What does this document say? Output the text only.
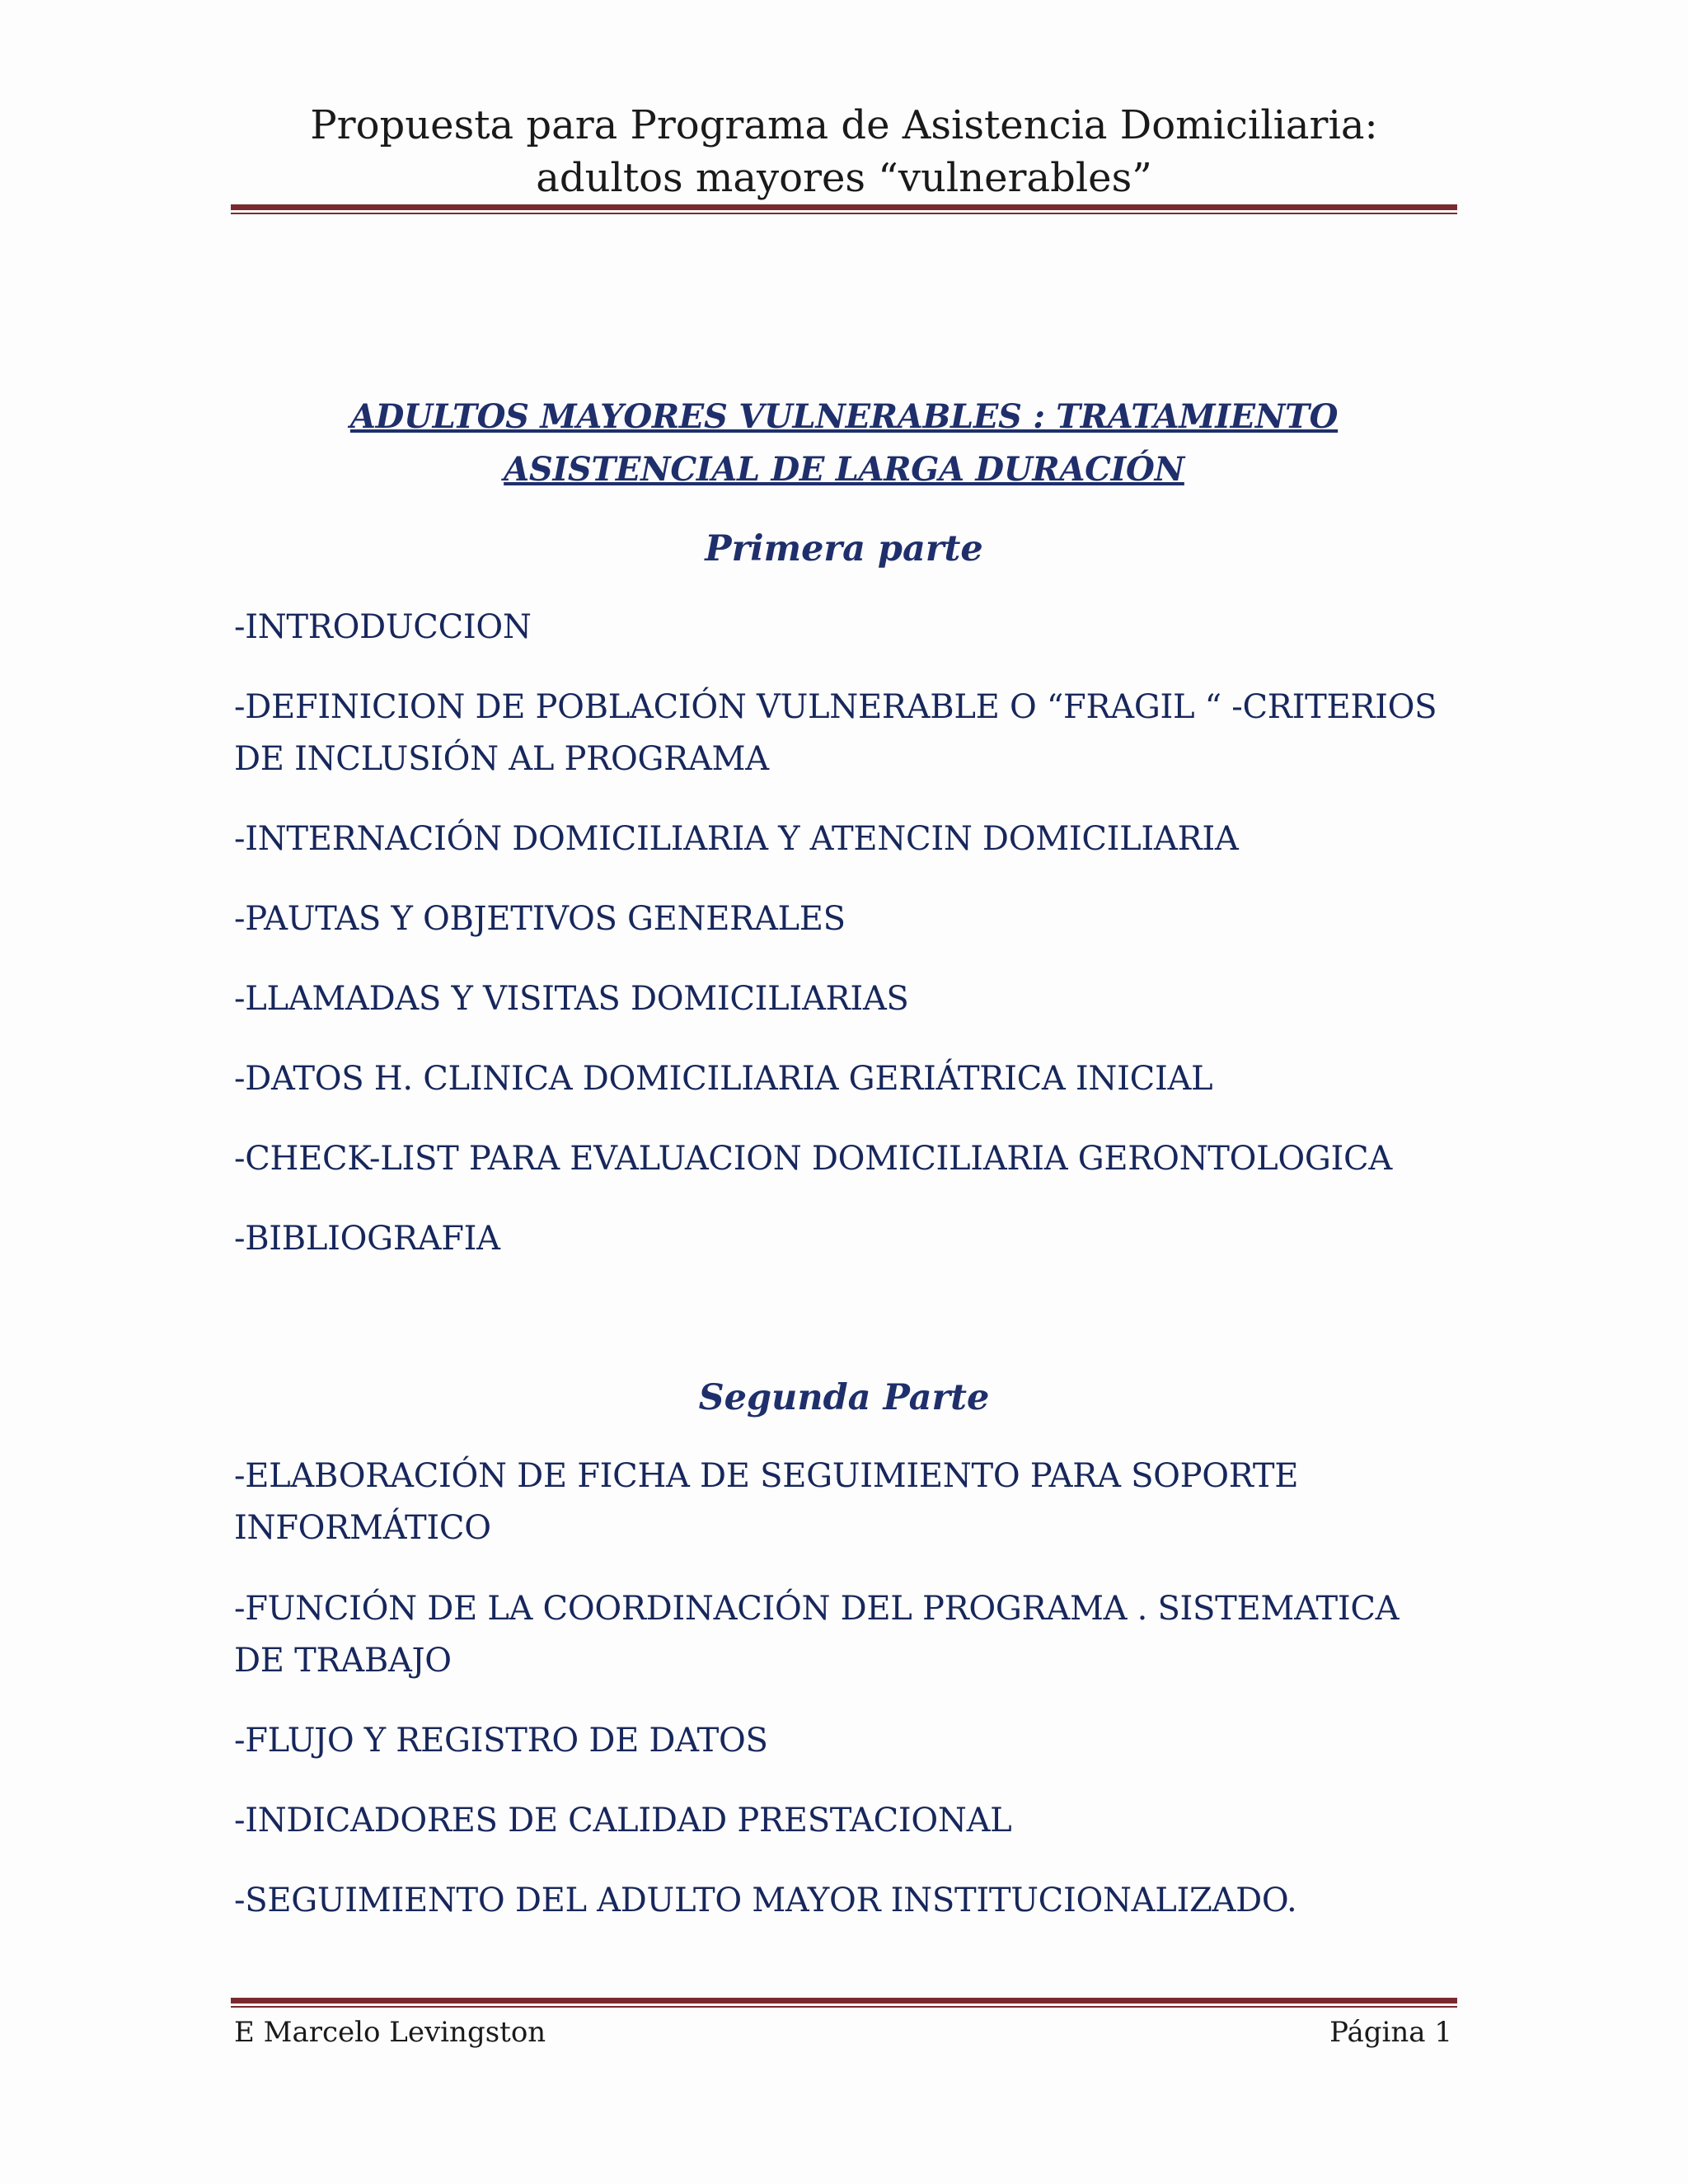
Propuesta para Programa de Asistencia Domiciliaria: adultos mayores “vulnerables”
ADULTOS MAYORES VULNERABLES : TRATAMIENTO ASISTENCIAL DE LARGA DURACIÓN
Primera parte
-INTRODUCCION
-DEFINICION DE POBLACIÓN VULNERABLE O “FRAGIL “ -CRITERIOS DE INCLUSIÓN AL PROGRAMA
-INTERNACIÓN DOMICILIARIA Y ATENCIN DOMICILIARIA
-PAUTAS Y OBJETIVOS GENERALES
-LLAMADAS Y VISITAS DOMICILIARIAS
-DATOS H. CLINICA DOMICILIARIA GERIÁTRICA INICIAL
-CHECK-LIST PARA EVALUACION DOMICILIARIA GERONTOLOGICA
-BIBLIOGRAFIA
Segunda Parte
-ELABORACIÓN DE FICHA DE SEGUIMIENTO PARA SOPORTE INFORMÁTICO
-FUNCIÓN DE LA COORDINACIÓN DEL PROGRAMA . SISTEMATICA DE TRABAJO
-FLUJO Y REGISTRO DE DATOS
-INDICADORES DE CALIDAD PRESTACIONAL
-SEGUIMIENTO DEL ADULTO MAYOR INSTITUCIONALIZADO.
E Marcelo Levingston	Página 1
